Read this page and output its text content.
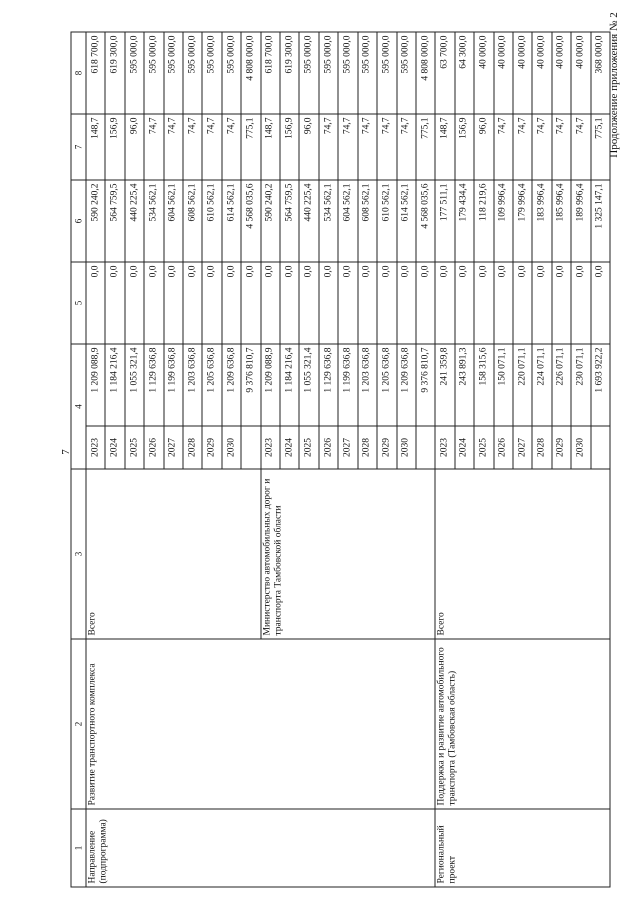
7
Продолжение приложения № 2
1	2	3	4		5	6	7	8
Направление (подпрограмма)	Развитие транспортного комплекса	Всего	2023	1 209 088,9	0,0	590 240,2	148,7	618 700,0
			2024	1 184 216,4	0,0	564 759,5	156,9	619 300,0
			2025	1 055 321,4	0,0	440 225,4	96,0	595 000,0
			2026	1 129 636,8	0,0	534 562,1	74,7	595 000,0
			2027	1 199 636,8	0,0	604 562,1	74,7	595 000,0
			2028	1 203 636,8	0,0	608 562,1	74,7	595 000,0
			2029	1 205 636,8	0,0	610 562,1	74,7	595 000,0
			2030	1 209 636,8	0,0	614 562,1	74,7	595 000,0
				9 376 810,7	0,0	4 568 035,6	775,1	4 808 000,0
		Министерство автомобильных дорог и транспорта Тамбовской области	2023	1 209 088,9	0,0	590 240,2	148,7	618 700,0
			2024	1 184 216,4	0,0	564 759,5	156,9	619 300,0
			2025	1 055 321,4	0,0	440 225,4	96,0	595 000,0
			2026	1 129 636,8	0,0	534 562,1	74,7	595 000,0
			2027	1 199 636,8	0,0	604 562,1	74,7	595 000,0
			2028	1 203 636,8	0,0	608 562,1	74,7	595 000,0
			2029	1 205 636,8	0,0	610 562,1	74,7	595 000,0
			2030	1 209 636,8	0,0	614 562,1	74,7	595 000,0
				9 376 810,7	0,0	4 568 035,6	775,1	4 808 000,0
Региональный проект	Поддержка и развитие автомобильного транспорта (Тамбовская область)	Всего	2023	241 359,8	0,0	177 511,1	148,7	63 700,0
			2024	243 891,3	0,0	179 434,4	156,9	64 300,0
			2025	158 315,6	0,0	118 219,6	96,0	40 000,0
			2026	150 071,1	0,0	109 996,4	74,7	40 000,0
			2027	220 071,1	0,0	179 996,4	74,7	40 000,0
			2028	224 071,1	0,0	183 996,4	74,7	40 000,0
			2029	226 071,1	0,0	185 996,4	74,7	40 000,0
			2030	230 071,1	0,0	189 996,4	74,7	40 000,0
				1 693 922,2	0,0	1 325 147,1	775,1	368 000,0
